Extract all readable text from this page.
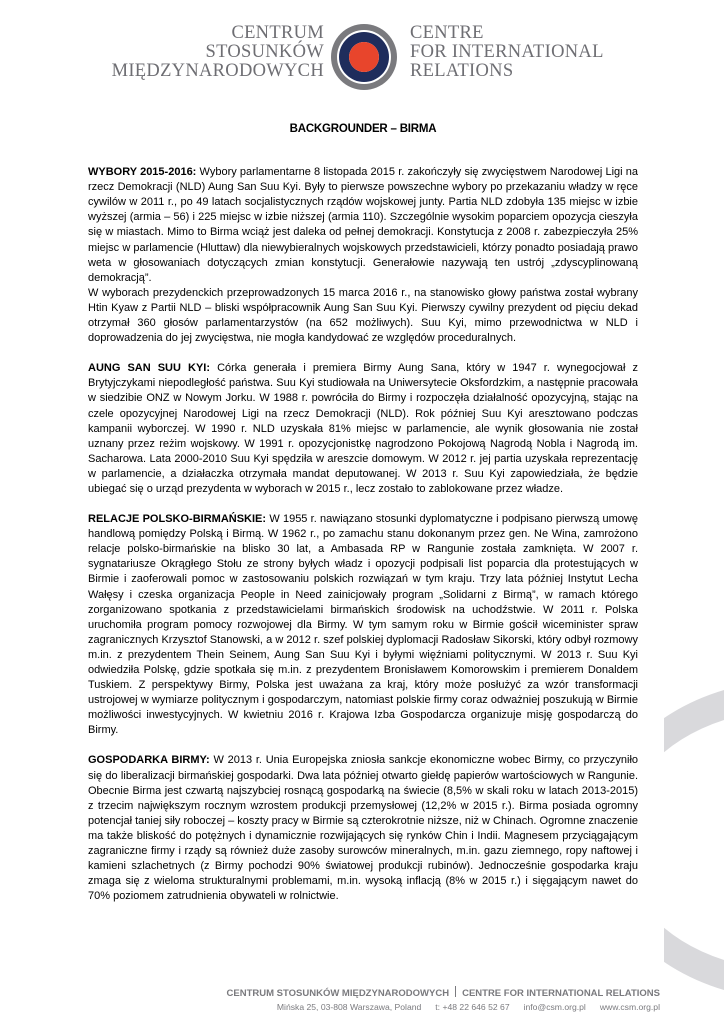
CENTRUM
STOSUNKÓW
MIĘDZYNARODOWYCH
CENTRE
FOR INTERNATIONAL
RELATIONS
BACKGROUNDER – BIRMA

WYBORY 2015-2016: Wybory parlamentarne 8 listopada 2015 r. zakończyły się zwycięstwem Narodowej Ligi na rzecz Demokracji (NLD) Aung San Suu Kyi. Były to pierwsze powszechne wybory po przekazaniu władzy w ręce cywilów w 2011 r., po 49 latach socjalistycznych rządów wojskowej junty. Partia NLD zdobyła 135 miejsc w izbie wyższej (armia – 56) i 225 miejsc w izbie niższej (armia 110). Szczególnie wysokim poparciem opozycja cieszyła się w miastach. Mimo to Birma wciąż jest daleka od pełnej demokracji. Konstytucja z 2008 r. zabezpieczyła 25% miejsc w parlamencie (Hluttaw) dla niewybieralnych wojskowych przedstawicieli, którzy ponadto posiadają prawo weta w głosowaniach dotyczących zmian konstytucji. Generałowie nazywają ten ustrój „zdyscyplinowaną demokracją”.

W wyborach prezydenckich przeprowadzonych 15 marca 2016 r., na stanowisko głowy państwa został wybrany Htin Kyaw z Partii NLD – bliski współpracownik Aung San Suu Kyi. Pierwszy cywilny prezydent od pięciu dekad otrzymał 360 głosów parlamentarzystów (na 652 możliwych). Suu Kyi, mimo przewodnictwa w NLD i doprowadzenia do jej zwycięstwa, nie mogła kandydować ze względów proceduralnych.

AUNG SAN SUU KYI: Córka generała i premiera Birmy Aung Sana, który w 1947 r. wynegocjował z Brytyjczykami niepodległość państwa. Suu Kyi studiowała na Uniwersytecie Oksfordzkim, a następnie pracowała w siedzibie ONZ w Nowym Jorku. W 1988 r. powróciła do Birmy i rozpoczęła działalność opozycyjną, stając na czele opozycyjnej Narodowej Ligi na rzecz Demokracji (NLD). Rok później Suu Kyi aresztowano podczas kampanii wyborczej. W 1990 r. NLD uzyskała 81% miejsc w parlamencie, ale wynik głosowania nie został uznany przez reżim wojskowy. W 1991 r. opozycjonistkę nagrodzono Pokojową Nagrodą Nobla i Nagrodą im. Sacharowa. Lata 2000-2010 Suu Kyi spędziła w areszcie domowym. W 2012 r. jej partia uzyskała reprezentację w parlamencie, a działaczka otrzymała mandat deputowanej. W 2013 r. Suu Kyi zapowiedziała, że będzie ubiegać się o urząd prezydenta w wyborach w 2015 r., lecz zostało to zablokowane przez władze.

RELACJE POLSKO-BIRMAŃSKIE: W 1955 r. nawiązano stosunki dyplomatyczne i podpisano pierwszą umowę handlową pomiędzy Polską i Birmą. W 1962 r., po zamachu stanu dokonanym przez gen. Ne Wina, zamrożono relacje polsko-birmańskie na blisko 30 lat, a Ambasada RP w Rangunie została zamknięta. W 2007 r. sygnatariusze Okrągłego Stołu ze strony byłych władz i opozycji podpisali list poparcia dla protestujących w Birmie i zaoferowali pomoc w zastosowaniu polskich rozwiązań w tym kraju. Trzy lata później Instytut Lecha Wałęsy i czeska organizacja People in Need zainicjowały program „Solidarni z Birmą”, w ramach którego zorganizowano spotkania z przedstawicielami birmańskich środowisk na uchodźstwie. W 2011 r. Polska uruchomiła program pomocy rozwojowej dla Birmy. W tym samym roku w Birmie gościł wiceminister spraw zagranicznych Krzysztof Stanowski, a w 2012 r. szef polskiej dyplomacji Radosław Sikorski, który odbył rozmowy m.in. z prezydentem Thein Seinem, Aung San Suu Kyi i byłymi więźniami politycznymi. W 2013 r. Suu Kyi odwiedziła Polskę, gdzie spotkała się m.in. z prezydentem Bronisławem Komorowskim i premierem Donaldem Tuskiem. Z perspektywy Birmy, Polska jest uważana za kraj, który może posłużyć za wzór transformacji ustrojowej w wymiarze politycznym i gospodarczym, natomiast polskie firmy coraz odważniej poszukują w Birmie możliwości inwestycyjnych. W kwietniu 2016 r. Krajowa Izba Gospodarcza organizuje misję gospodarczą do Birmy.

GOSPODARKA BIRMY: W 2013 r. Unia Europejska zniosła sankcje ekonomiczne wobec Birmy, co przyczyniło się do liberalizacji birmańskiej gospodarki. Dwa lata później otwarto giełdę papierów wartościowych w Rangunie. Obecnie Birma jest czwartą najszybciej rosnącą gospodarką na świecie (8,5% w skali roku w latach 2013-2015) z trzecim największym rocznym wzrostem produkcji przemysłowej (12,2% w 2015 r.). Birma posiada ogromny potencjał taniej siły roboczej – koszty pracy w Birmie są czterokrotnie niższe, niż w Chinach. Ogromne znaczenie ma także bliskość do potężnych i dynamicznie rozwijających się rynków Chin i Indii. Magnesem przyciągającym zagraniczne firmy i rządy są również duże zasoby surowców mineralnych, m.in. gazu ziemnego, ropy naftowej i kamieni szlachetnych (z Birmy pochodzi 90% światowej produkcji rubinów). Jednocześnie gospodarka kraju zmaga się z wieloma strukturalnymi problemami, m.in. wysoką inflacją (8% w 2015 r.) i sięgającym nawet do 70% poziomem zatrudnienia obywateli w rolnictwie.

CENTRUM STOSUNKÓW MIĘDZYNARODOWYCH CENTRE FOR INTERNATIONAL RELATIONS
Mińska 25, 03-808 Warszawa, Poland t: +48 22 646 52 67 info@csm.org.pl www.csm.org.pl
